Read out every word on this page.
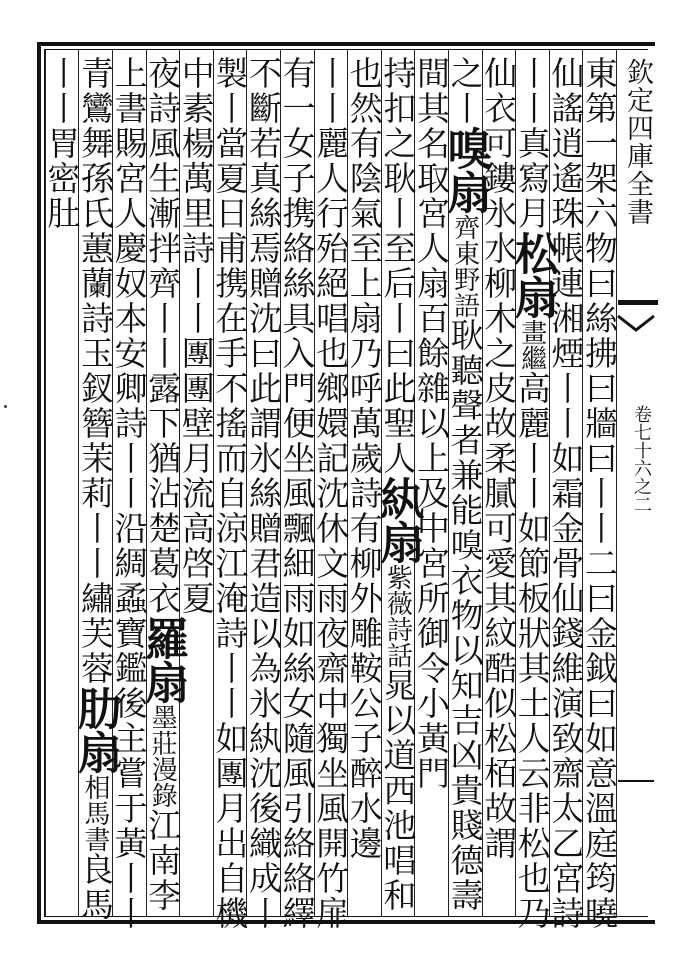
欽定四庫全書
卷七十六之二
東第一架六物曰絲拂曰牆曰丨丨二曰金鉞曰如意溫庭筠曉
仙謠逍遙珠帳連湘煙丨丨如霜金骨仙錢維演致齋太乙宮詩
丨丨真寫月松扇畫繼高麗丨丨如節板狀其土人云非松也乃
仙衣可鏤氷水柳木之皮故柔膩可愛其紋酷似松栢故謂
之丨嗅扇齊東野語耿聽聲者兼能嗅衣物以知吉凶貴賤德壽
間其名取宮人扇百餘雜以上及中宮所御令小黃門
持扣之耿丨至后丨曰此聖人紈扇紫薇詩話晁以道西池唱和
也然有陰氣至上扇乃呼萬歲詩有柳外雕鞍公子醉水邊
丨丨麗人行殆絕唱也鄉嬛記沈休文雨夜齋中獨坐風開竹扉
有一女子携絡絲具入門便坐風飄細雨如絲女隨風引絡絡繹
不斷若真絲焉贈沈曰此謂氷絲贈君造以為氷紈沈後織成丨
製丨當夏日甫携在手不搖而自涼江淹詩丨丨如團月出自機
中素楊萬里詩丨丨團團壁月流高啓夏
夜詩風生漸拌齊丨丨露下猶沾楚葛衣羅扇墨莊漫錄江南李
上書賜宮人慶奴本安卿詩丨丨沿綢蟊寶鑑後主嘗于黃丨丨
青鸞舞孫氏蕙蘭詩玉釵簪茉莉丨丨繡芙蓉肋扇相馬書良馬
丨丨胃密肚
